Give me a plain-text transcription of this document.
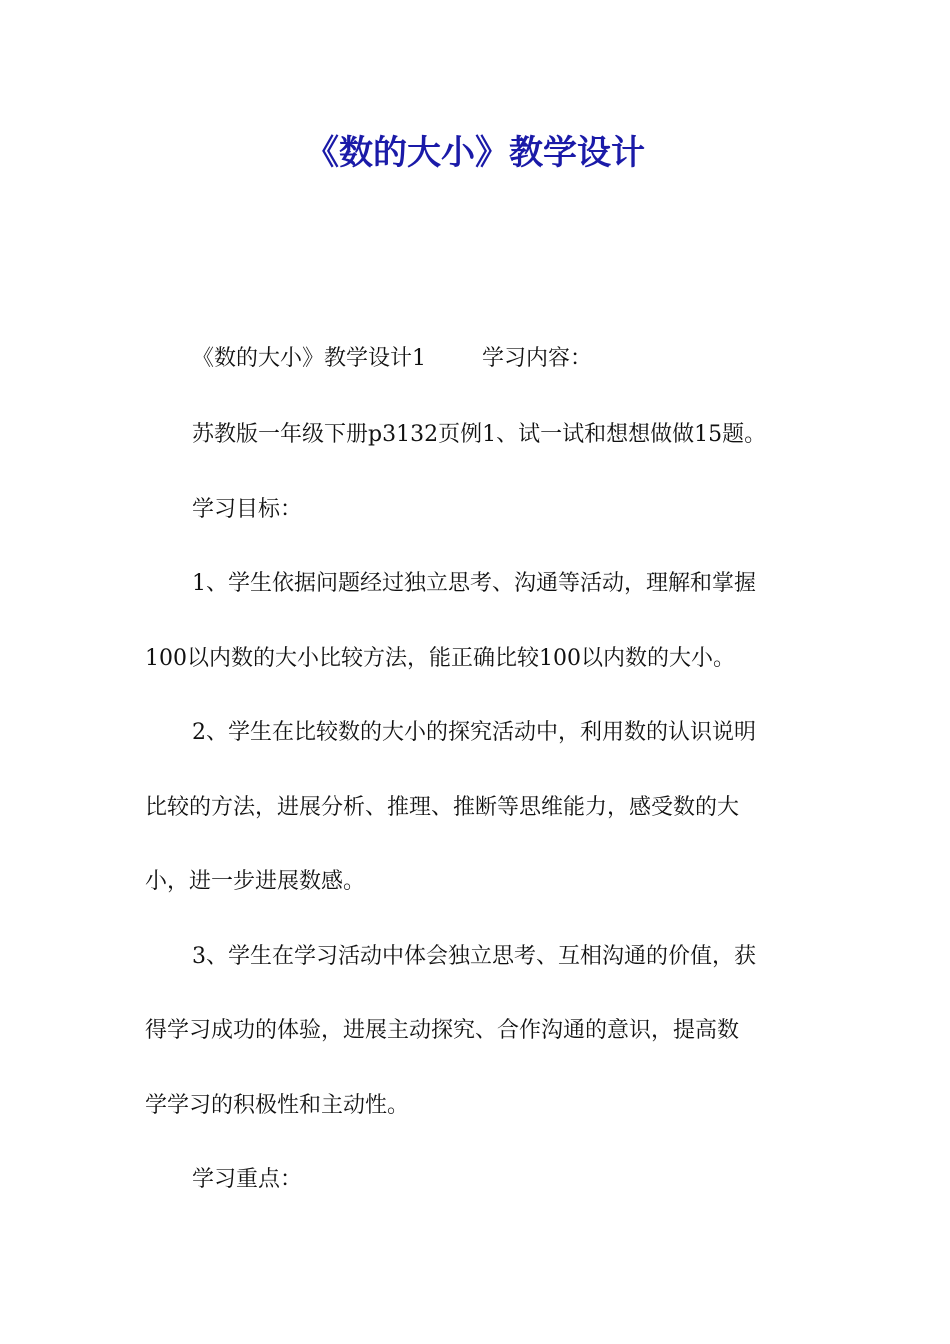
《数的大小》教学设计
《数的大小》教学设计1	学习内容：
苏教版一年级下册p3132页例1、试一试和想想做做15题。
学习目标：
1、学生依据问题经过独立思考、沟通等活动，理解和掌握
100以内数的大小比较方法，能正确比较100以内数的大小。
2、学生在比较数的大小的探究活动中，利用数的认识说明
比较的方法，进展分析、推理、推断等思维能力，感受数的大
小，进一步进展数感。
3、学生在学习活动中体会独立思考、互相沟通的价值，获
得学习成功的体验，进展主动探究、合作沟通的意识，提高数
学学习的积极性和主动性。
学习重点：
